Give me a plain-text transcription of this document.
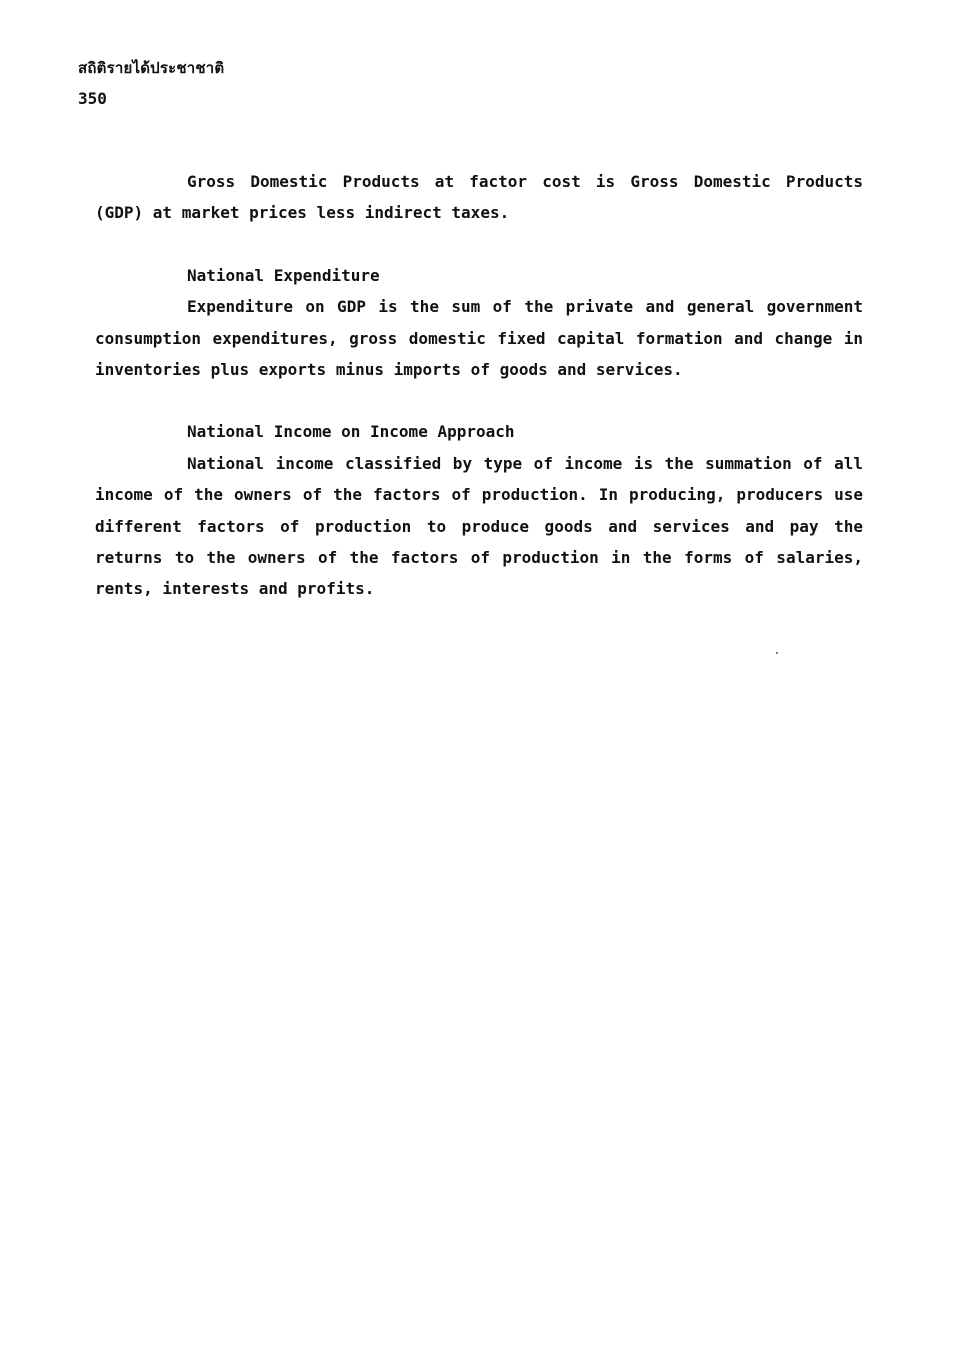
สถิติรายได้ประชาชาติ
350

Gross Domestic Products at factor cost is Gross Domestic Products (GDP) at market prices less indirect taxes.

National Expenditure

Expenditure on GDP is the sum of the private and general government consumption expenditures, gross domestic fixed capital formation and change in inventories plus exports minus imports of goods and services.

National Income on Income Approach

National income classified by type of income is the summation of all income of the owners of the factors of production. In producing, producers use different factors of production to produce goods and services and pay the returns to the owners of the factors of production in the forms of salaries, rents, interests and profits.
